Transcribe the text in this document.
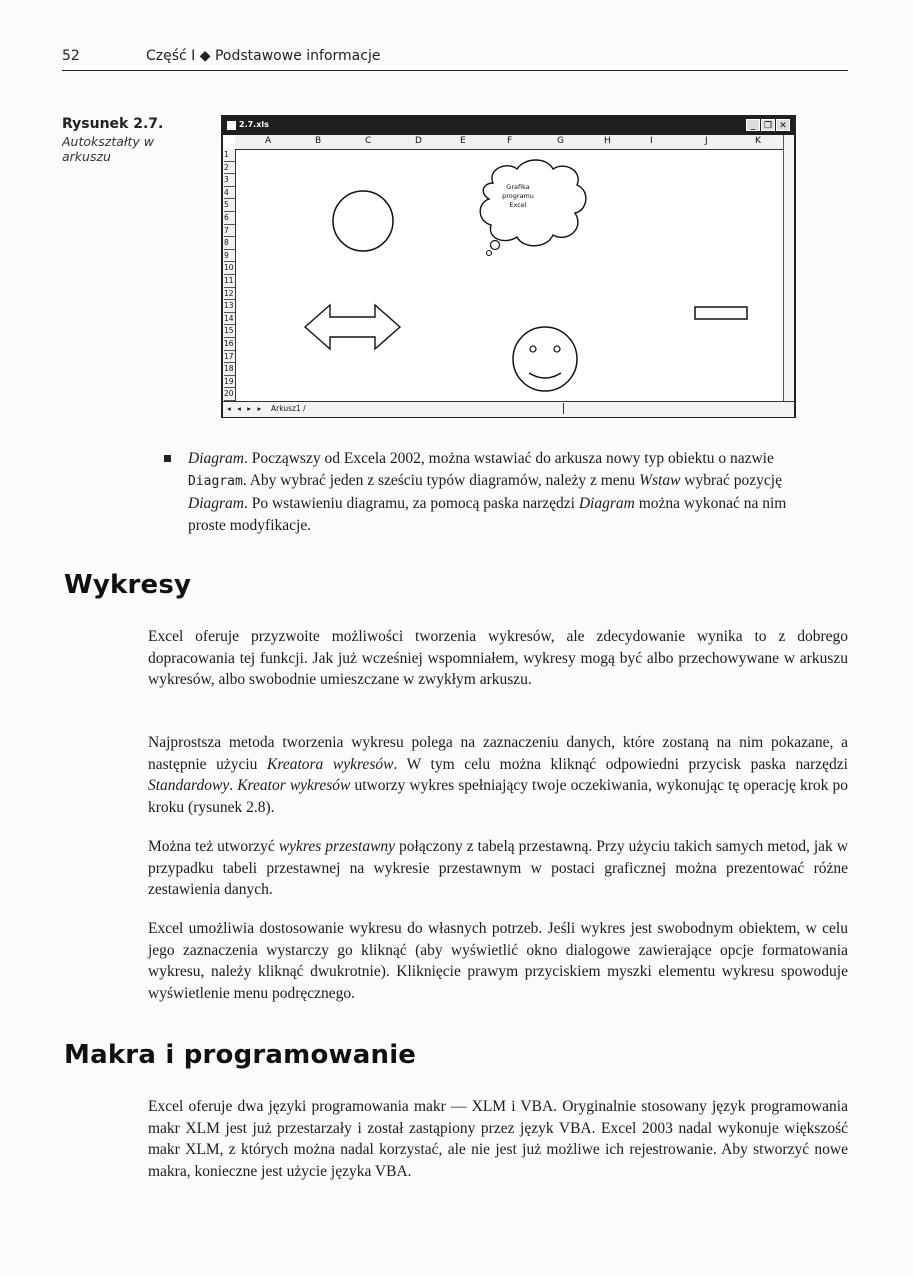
52	Część I ◆ Podstawowe informacje
Rysunek 2.7.
Autokształty w arkuszu
2.7.xls	_ ❐ ✕
A	B	C	D	E	F	G	H	I	J	K
1
2
3
4
5
6
7
8
9
10
11
12
13
14
15
16
17
18
19
20
Grafika
programu
Excel
◂ ◂ ▸ ▸ Arkusz1 /
Diagram. Począwszy od Excela 2002, można wstawiać do arkusza nowy typ obiektu o nazwie Diagram. Aby wybrać jeden z sześciu typów diagramów, należy z menu Wstaw wybrać pozycję Diagram. Po wstawieniu diagramu, za pomocą paska narzędzi Diagram można wykonać na nim proste modyfikacje.
Wykresy
Excel oferuje przyzwoite możliwości tworzenia wykresów, ale zdecydowanie wynika to z dobrego dopracowania tej funkcji. Jak już wcześniej wspomniałem, wykresy mogą być albo przechowywane w arkuszu wykresów, albo swobodnie umieszczane w zwykłym arkuszu.
Najprostsza metoda tworzenia wykresu polega na zaznaczeniu danych, które zostaną na nim pokazane, a następnie użyciu Kreatora wykresów. W tym celu można kliknąć odpowiedni przycisk paska narzędzi Standardowy. Kreator wykresów utworzy wykres spełniający twoje oczekiwania, wykonując tę operację krok po kroku (rysunek 2.8).
Można też utworzyć wykres przestawny połączony z tabelą przestawną. Przy użyciu takich samych metod, jak w przypadku tabeli przestawnej na wykresie przestawnym w postaci graficznej można prezentować różne zestawienia danych.
Excel umożliwia dostosowanie wykresu do własnych potrzeb. Jeśli wykres jest swobodnym obiektem, w celu jego zaznaczenia wystarczy go kliknąć (aby wyświetlić okno dialogowe zawierające opcje formatowania wykresu, należy kliknąć dwukrotnie). Kliknięcie prawym przyciskiem myszki elementu wykresu spowoduje wyświetlenie menu podręcznego.
Makra i programowanie
Excel oferuje dwa języki programowania makr — XLM i VBA. Oryginalnie stosowany język programowania makr XLM jest już przestarzały i został zastąpiony przez język VBA. Excel 2003 nadal wykonuje większość makr XLM, z których można nadal korzystać, ale nie jest już możliwe ich rejestrowanie. Aby stworzyć nowe makra, konieczne jest użycie języka VBA.
